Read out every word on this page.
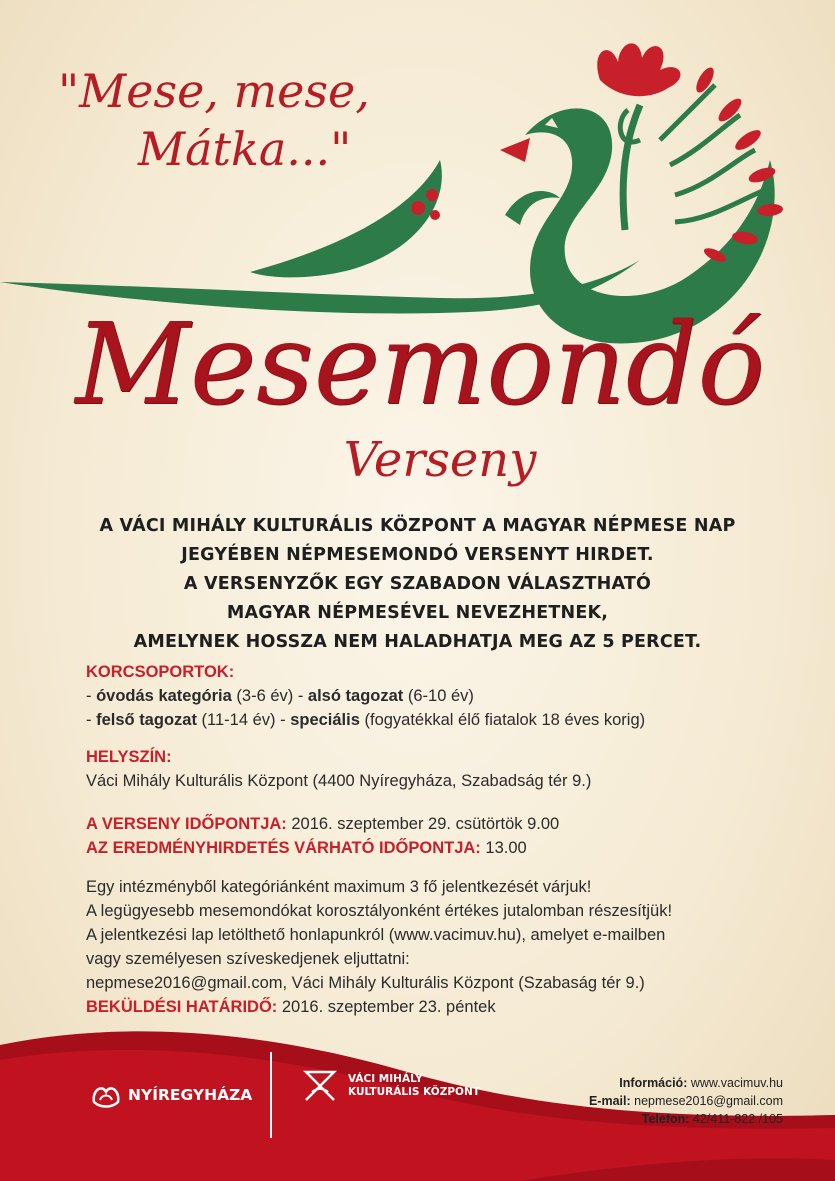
"Mese, mese,
Mátka..."
Mesemondó
Verseny
A VÁCI MIHÁLY KULTURÁLIS KÖZPONT A MAGYAR NÉPMESE NAP
JEGYÉBEN NÉPMESEMONDÓ VERSENYT HIRDET.
A VERSENYZŐK EGY SZABADON VÁLASZTHATÓ
MAGYAR NÉPMESÉVEL NEVEZHETNEK,
AMELYNEK HOSSZA NEM HALADHATJA MEG AZ 5 PERCET.
KORCSOPORTOK:
- óvodás kategória (3-6 év) - alsó tagozat (6-10 év)
- felső tagozat (11-14 év) - speciális (fogyatékkal élő fiatalok 18 éves korig)
HELYSZÍN:
Váci Mihály Kulturális Központ (4400 Nyíregyháza, Szabadság tér 9.)
A VERSENY IDŐPONTJA: 2016. szeptember 29. csütörtök 9.00
AZ EREDMÉNYHIRDETÉS VÁRHATÓ IDŐPONTJA: 13.00
Egy intézményből kategóriánként maximum 3 fő jelentkezését várjuk!
A legügyesebb mesemondókat korosztályonként értékes jutalomban részesítjük!
A jelentkezési lap letölthető honlapunkról (www.vacimuv.hu), amelyet e-mailben
vagy személyesen szíveskedjenek eljuttatni:
nepmese2016@gmail.com, Váci Mihály Kulturális Központ (Szabaság tér 9.)
BEKÜLDÉSI HATÁRIDŐ: 2016. szeptember 23. péntek
NYÍREGYHÁZA
VÁCI MIHÁLY
KULTURÁLIS KÖZPONT
Információ: www.vacimuv.hu
E-mail: nepmese2016@gmail.com
Telefon: 42/411-822 /105
